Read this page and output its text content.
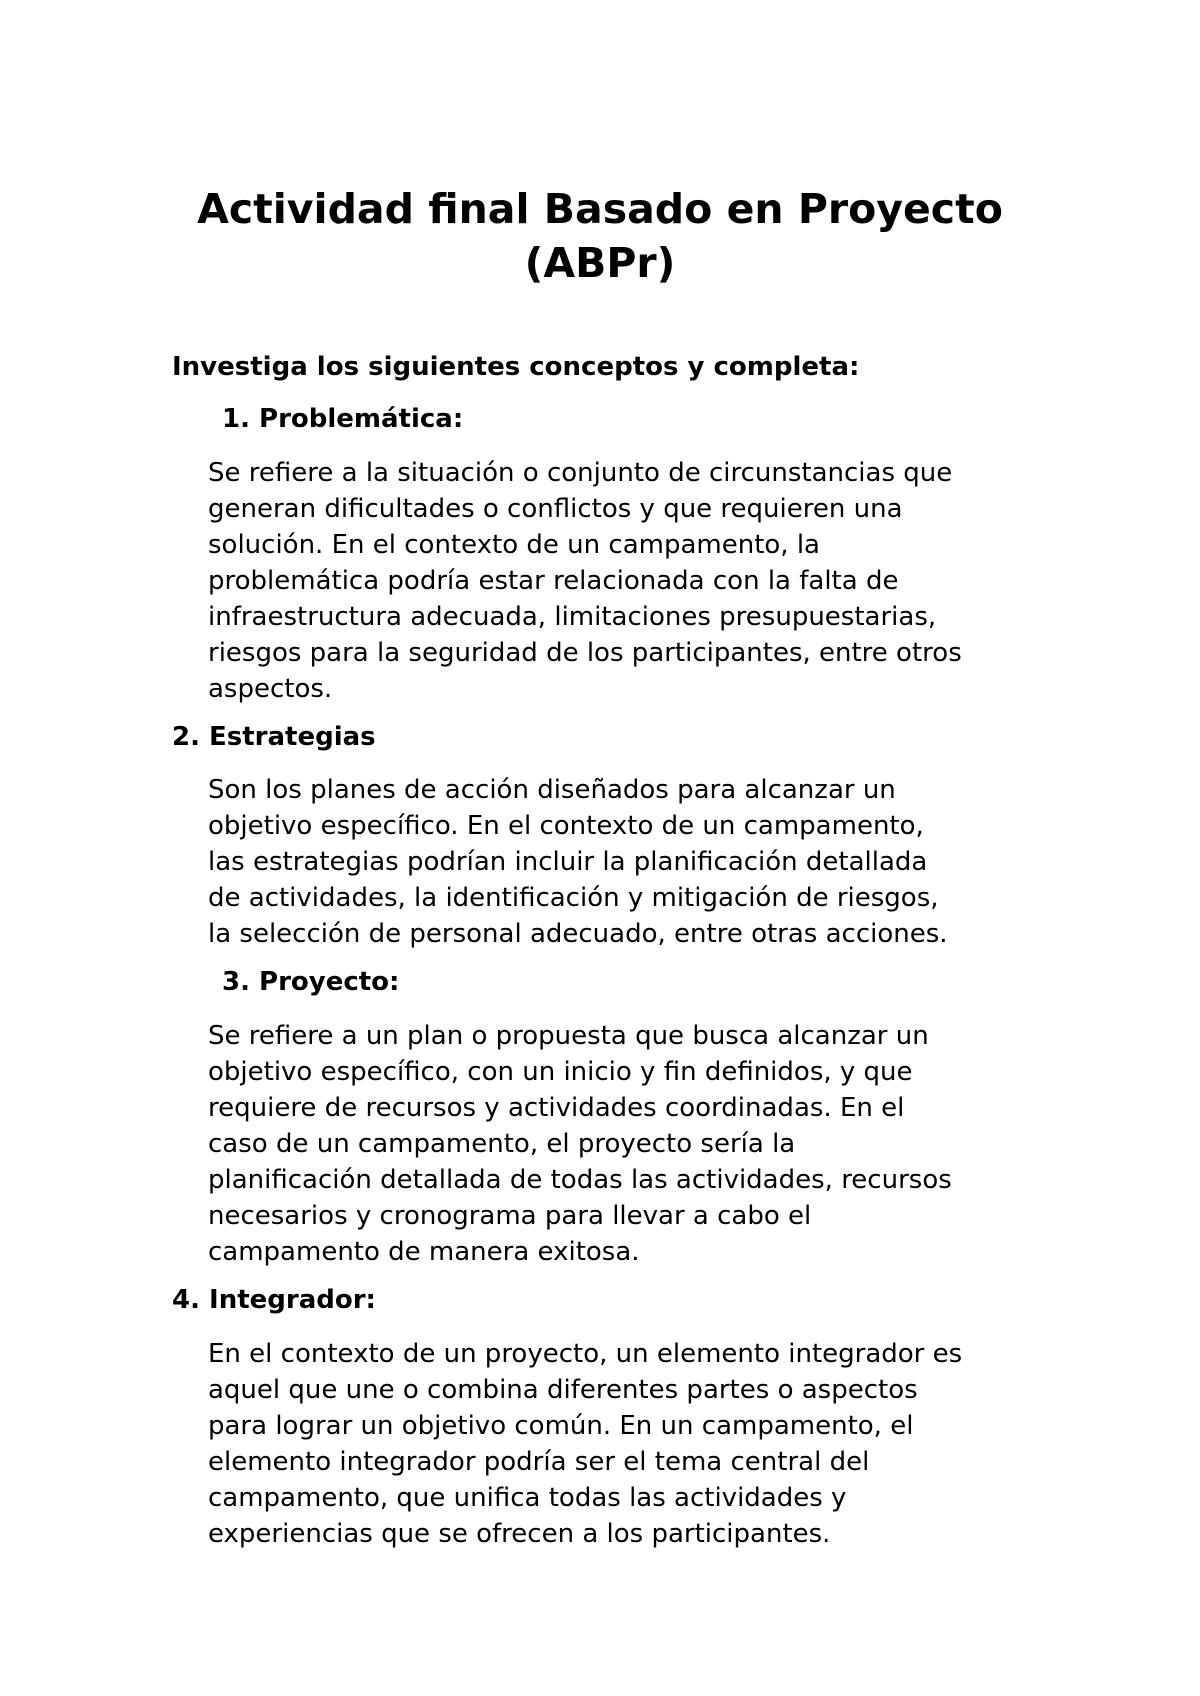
Actividad final Basado en Proyecto
(ABPr)
Investiga los siguientes conceptos y completa:
1. Problemática:
Se refiere a la situación o conjunto de circunstancias que
generan dificultades o conflictos y que requieren una
solución. En el contexto de un campamento, la
problemática podría estar relacionada con la falta de
infraestructura adecuada, limitaciones presupuestarias,
riesgos para la seguridad de los participantes, entre otros
aspectos.
2. Estrategias
Son los planes de acción diseñados para alcanzar un
objetivo específico. En el contexto de un campamento,
las estrategias podrían incluir la planificación detallada
de actividades, la identificación y mitigación de riesgos,
la selección de personal adecuado, entre otras acciones.
3. Proyecto:
Se refiere a un plan o propuesta que busca alcanzar un
objetivo específico, con un inicio y fin definidos, y que
requiere de recursos y actividades coordinadas. En el
caso de un campamento, el proyecto sería la
planificación detallada de todas las actividades, recursos
necesarios y cronograma para llevar a cabo el
campamento de manera exitosa.
4. Integrador:
En el contexto de un proyecto, un elemento integrador es
aquel que une o combina diferentes partes o aspectos
para lograr un objetivo común. En un campamento, el
elemento integrador podría ser el tema central del
campamento, que unifica todas las actividades y
experiencias que se ofrecen a los participantes.
